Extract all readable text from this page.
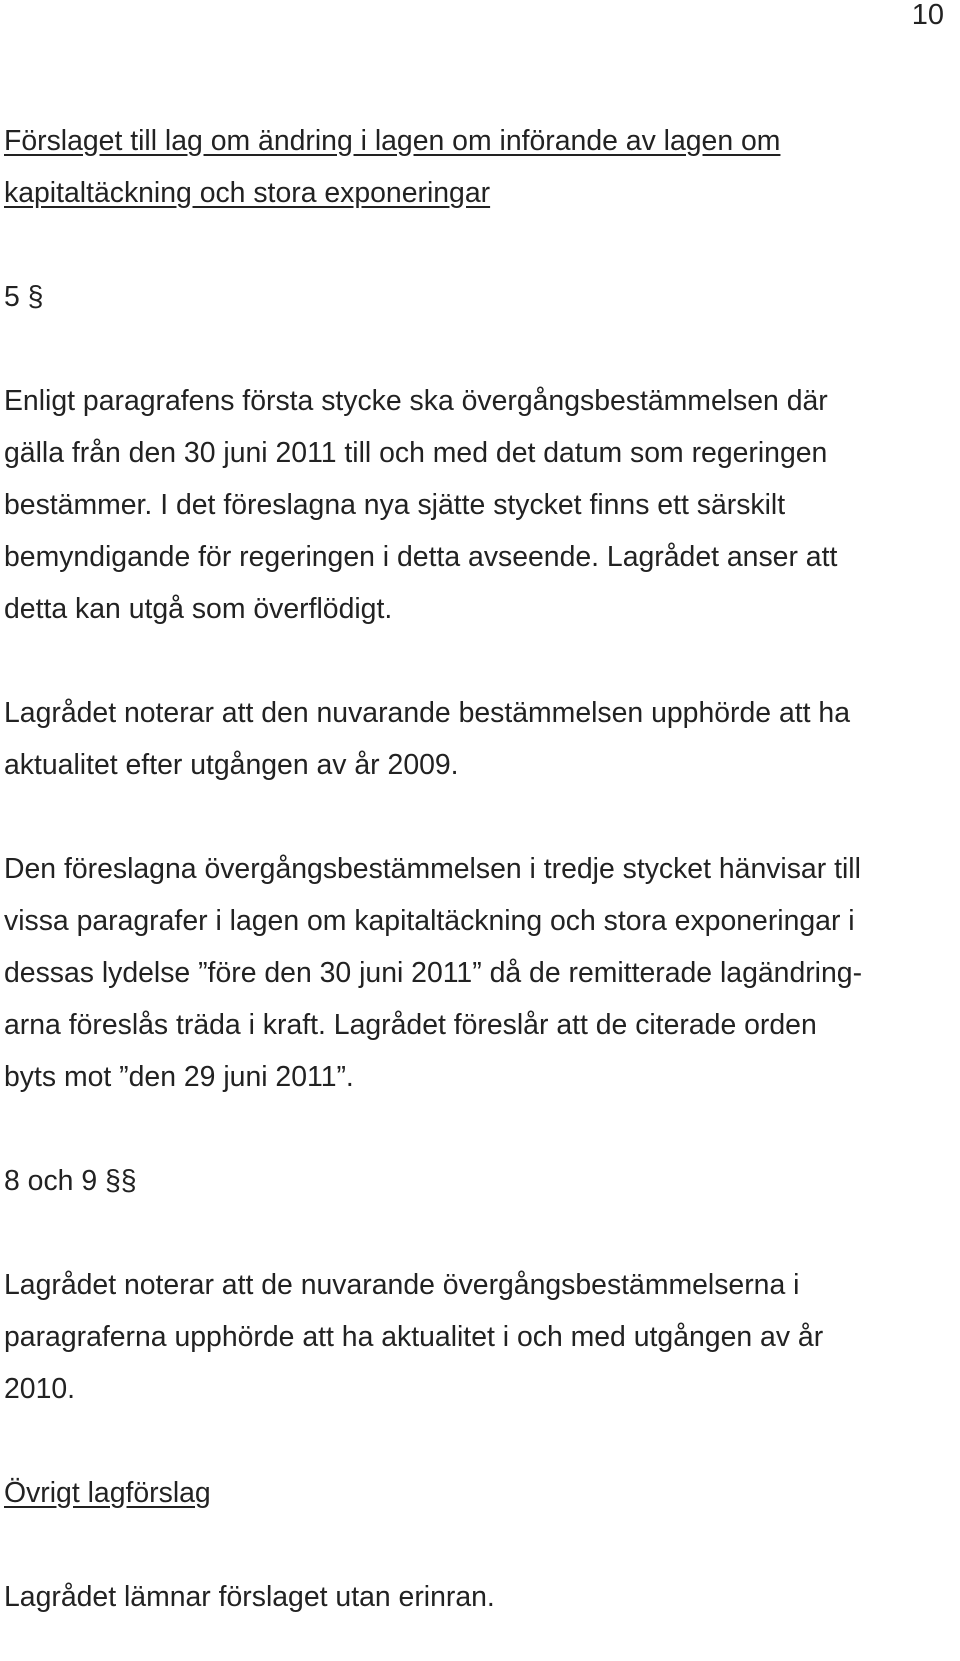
10

Förslaget till lag om ändring i lagen om införande av lagen om

kapitaltäckning och stora exponeringar

5 §

Enligt paragrafens första stycke ska övergångsbestämmelsen där

gälla från den 30 juni 2011 till och med det datum som regeringen

bestämmer. I det föreslagna nya sjätte stycket finns ett särskilt

bemyndigande för regeringen i detta avseende. Lagrådet anser att

detta kan utgå som överflödigt.

Lagrådet noterar att den nuvarande bestämmelsen upphörde att ha

aktualitet efter utgången av år 2009.

Den föreslagna övergångsbestämmelsen i tredje stycket hänvisar till

vissa paragrafer i lagen om kapitaltäckning och stora exponeringar i

dessas lydelse ”före den 30 juni 2011” då de remitterade lagändring-

arna föreslås träda i kraft. Lagrådet föreslår att de citerade orden

byts mot ”den 29 juni 2011”.

8 och 9 §§

Lagrådet noterar att de nuvarande övergångsbestämmelserna i

paragraferna upphörde att ha aktualitet i och med utgången av år

2010.

Övrigt lagförslag

Lagrådet lämnar förslaget utan erinran.
